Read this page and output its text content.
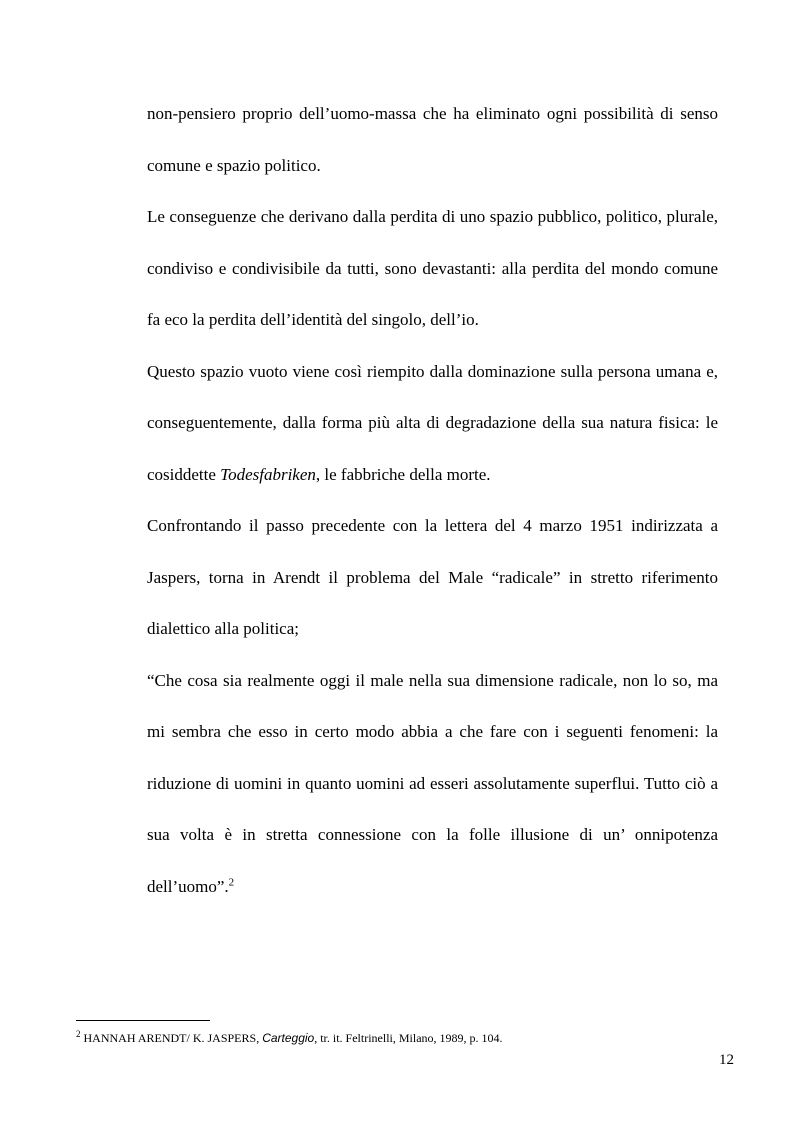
non-pensiero proprio dell’uomo-massa che ha eliminato ogni possibilità di senso comune e spazio politico.

Le conseguenze che derivano dalla perdita di uno spazio pubblico, politico, plurale, condiviso e condivisibile da tutti, sono devastanti: alla perdita del mondo comune fa eco la perdita dell’identità del singolo, dell’io.

Questo spazio vuoto viene così riempito dalla dominazione sulla persona umana e, conseguentemente, dalla forma più alta di degradazione della sua natura fisica: le cosiddette Todesfabriken, le fabbriche della morte.

Confrontando il passo precedente con la lettera del 4 marzo 1951 indirizzata a Jaspers, torna in Arendt il problema del Male “radicale” in stretto riferimento dialettico alla politica;

“Che cosa sia realmente oggi il male nella sua dimensione radicale, non lo so, ma mi sembra che esso in certo modo abbia a che fare con i seguenti fenomeni: la riduzione di uomini in quanto uomini ad esseri assolutamente superflui. Tutto ciò a sua volta è in stretta connessione con la folle illusione di un’ onnipotenza dell’uomo”.$^2$

$^2$ HANNAH ARENDT/ K. JASPERS, Carteggio, tr. it. Feltrinelli, Milano, 1989, p. 104.
12
